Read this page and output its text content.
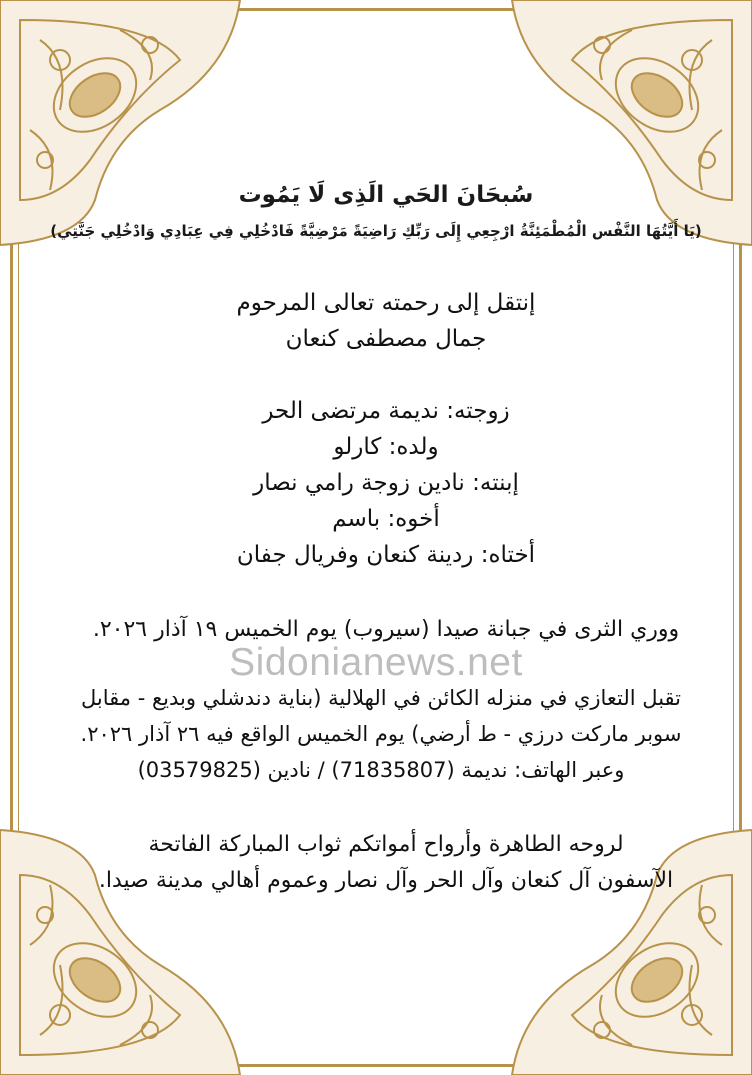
Sidonianews.net
سُبحَانَ الحَي الَذِى لَا يَمُوت
(يَا أَيَّتُهَا النَّفْس الْمُطْمَئِنَّةُ ارْجِعِي إِلَى رَبِّكِ رَاضِيَةً مَرْضِيَّةً فَادْخُلِي فِي عِبَادِي وَادْخُلِي جَنَّتِي)
إنتقل إلى رحمته تعالى المرحوم
جمال مصطفى كنعان
زوجته: نديمة مرتضى الحر
ولده: كارلو
إبنته: نادين زوجة رامي نصار
أخوه: باسم
أختاه: ردينة كنعان وفريال جفان
ووري الثرى في جبانة صيدا (سيروب) يوم الخميس ١٩ آذار ٢٠٢٦.
تقبل التعازي في منزله الكائن في الهلالية (بناية دندشلي وبديع - مقابل
سوبر ماركت درزي - ط أرضي) يوم الخميس الواقع فيه ٢٦ آذار ٢٠٢٦.
وعبر الهاتف: نديمة (71835807) / نادين (03579825)
لروحه الطاهرة وأرواح أمواتكم ثواب المباركة الفاتحة
الآسفون آل كنعان وآل الحر وآل نصار وعموم أهالي مدينة صيدا.
